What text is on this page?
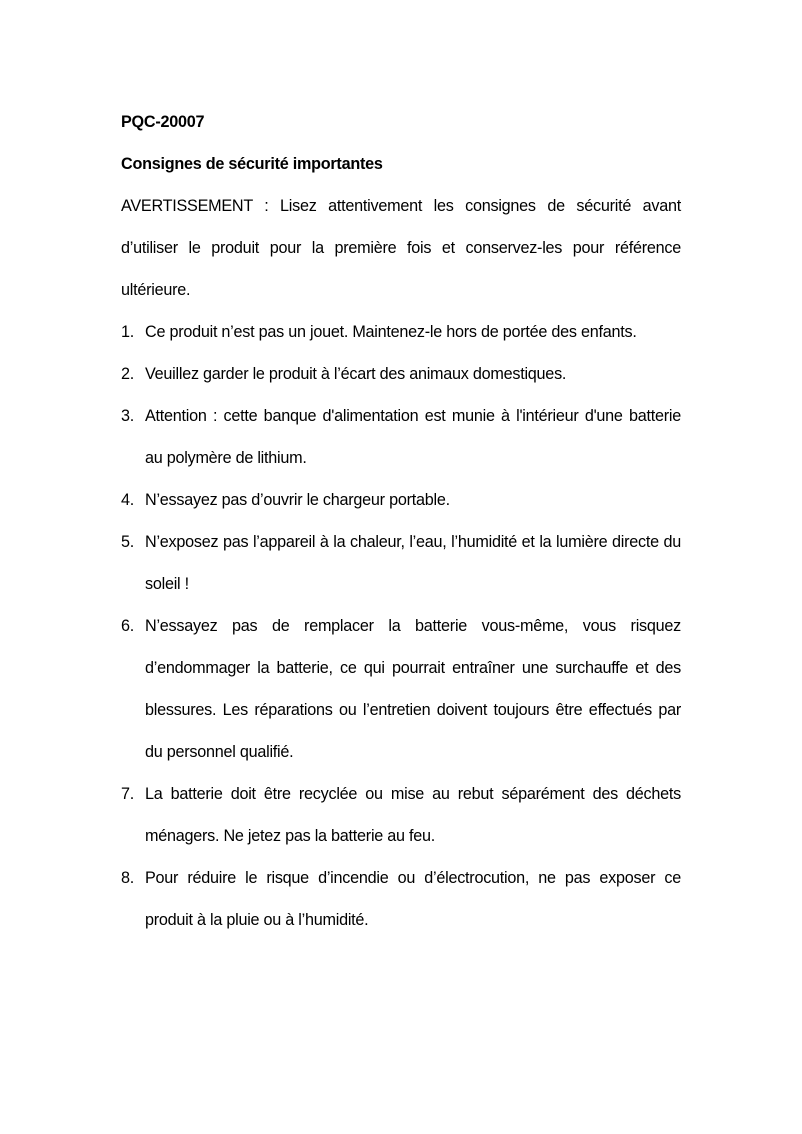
PQC-20007

Consignes de sécurité importantes

AVERTISSEMENT : Lisez attentivement les consignes de sécurité avant d’utiliser le produit pour la première fois et conservez-les pour référence ultérieure.

1. Ce produit n’est pas un jouet. Maintenez-le hors de portée des enfants.
2. Veuillez garder le produit à l’écart des animaux domestiques.
3. Attention : cette banque d'alimentation est munie à l'intérieur d'une batterie au polymère de lithium.
4. N’essayez pas d’ouvrir le chargeur portable.
5. N’exposez pas l’appareil à la chaleur, l’eau, l’humidité et la lumière directe du soleil !
6. N’essayez pas de remplacer la batterie vous-même, vous risquez d’endommager la batterie, ce qui pourrait entraîner une surchauffe et des blessures. Les réparations ou l’entretien doivent toujours être effectués par du personnel qualifié.
7. La batterie doit être recyclée ou mise au rebut séparément des déchets ménagers. Ne jetez pas la batterie au feu.
8. Pour réduire le risque d’incendie ou d’électrocution, ne pas exposer ce produit à la pluie ou à l’humidité.
